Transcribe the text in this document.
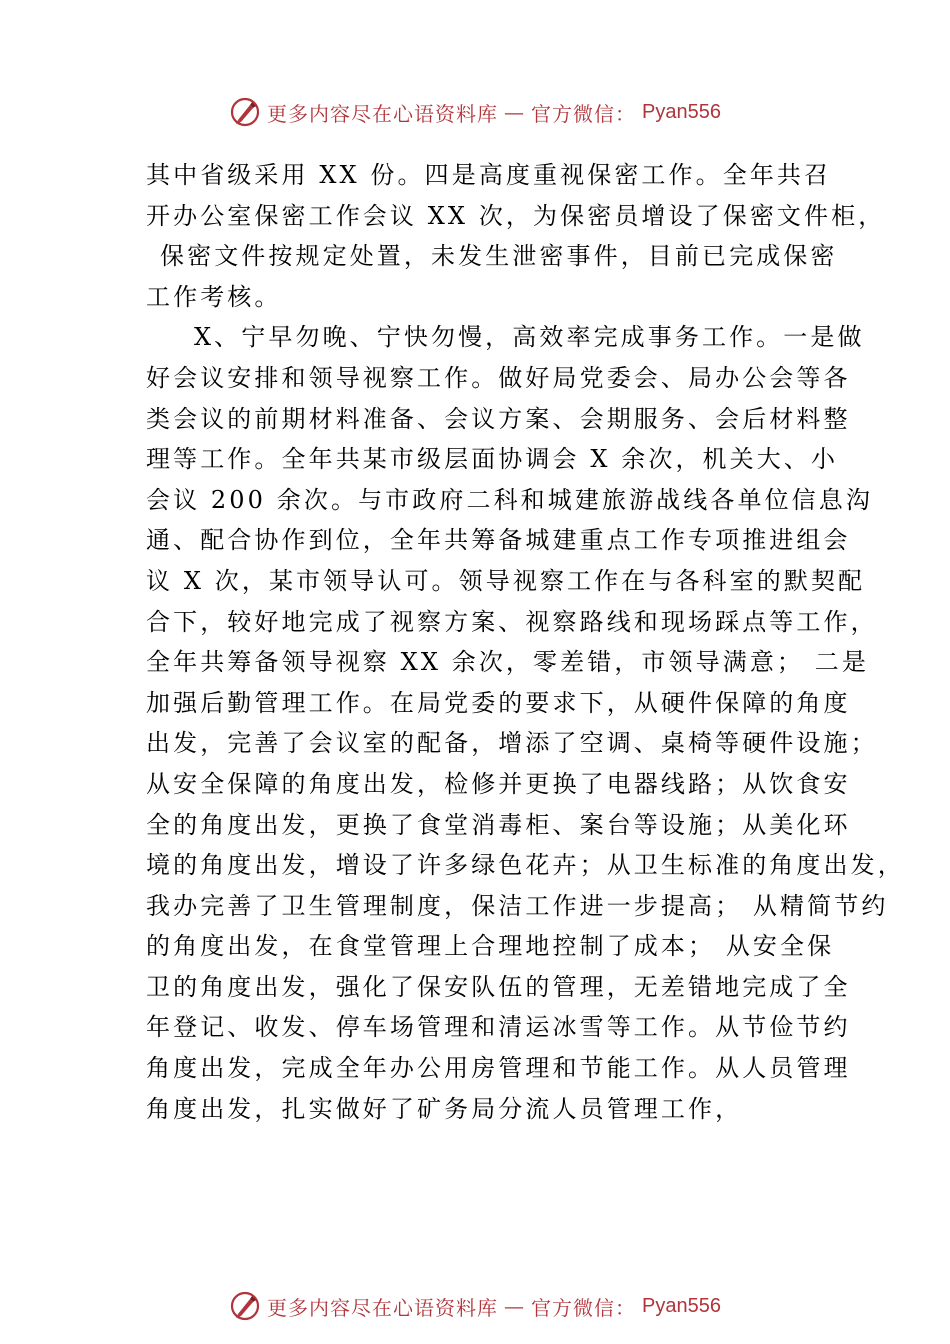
更多内容尽在心语资料库 — 官方微信： Pyan556
其中省级采用 XX 份。四是高度重视保密工作。全年共召
开办公室保密工作会议 XX 次，为保密员增设了保密文件柜，
保密文件按规定处置，未发生泄密事件，目前已完成保密
工作考核。
X、宁早勿晚、宁快勿慢，高效率完成事务工作。一是做
好会议安排和领导视察工作。做好局党委会、局办公会等各
类会议的前期材料准备、会议方案、会期服务、会后材料整
理等工作。全年共某市级层面协调会 X 余次，机关大、小
会议 200 余次。与市政府二科和城建旅游战线各单位信息沟
通、配合协作到位，全年共筹备城建重点工作专项推进组会
议 X 次，某市领导认可。领导视察工作在与各科室的默契配
合下，较好地完成了视察方案、视察路线和现场踩点等工作，
全年共筹备领导视察 XX 余次，零差错，市领导满意； 二是
加强后勤管理工作。在局党委的要求下，从硬件保障的角度
出发，完善了会议室的配备，增添了空调、桌椅等硬件设施；
从安全保障的角度出发，检修并更换了电器线路；从饮食安
全的角度出发，更换了食堂消毒柜、案台等设施；从美化环
境的角度出发，增设了许多绿色花卉；从卫生标准的角度出发，
我办完善了卫生管理制度，保洁工作进一步提高； 从精简节约
的角度出发，在食堂管理上合理地控制了成本； 从安全保
卫的角度出发，强化了保安队伍的管理，无差错地完成了全
年登记、收发、停车场管理和清运冰雪等工作。从节俭节约
角度出发，完成全年办公用房管理和节能工作。从人员管理
角度出发，扎实做好了矿务局分流人员管理工作，
更多内容尽在心语资料库 — 官方微信： Pyan556
